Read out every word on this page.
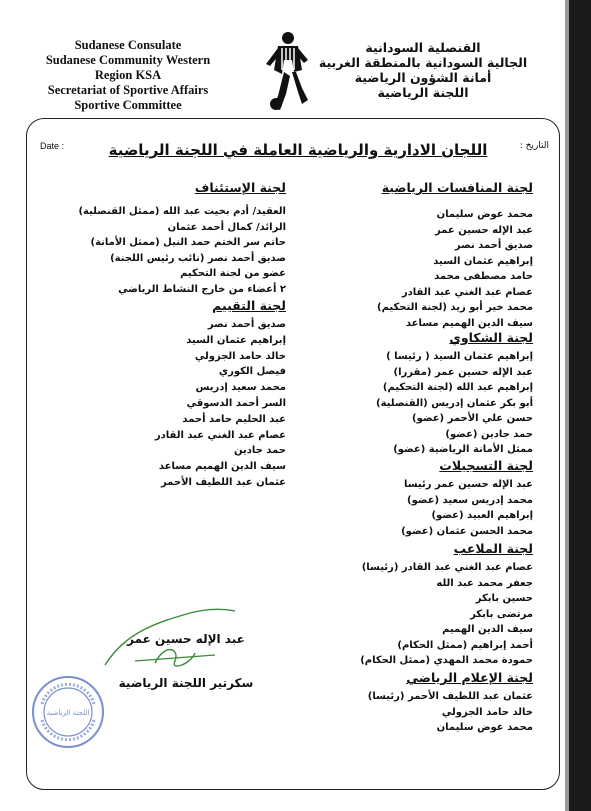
Sudanese Consulate
Sudanese Community Western
Region KSA
Secretariat of Sportive Affairs
Sportive Committee
القنصلية السودانية
الجالية السودانية بالمنطقة الغربية
أمانة الشؤون الرياضية
اللجنة الرياضية
Date :	التاريخ :
اللجان الادارية والرياضية العاملة في اللجنة الرياضية
لجنة المنافسات الرياضية
محمد عوض سليمان
عبد الإله حسين عمر
صديق أحمد نصر
إبراهيم عثمان السيد
حامد مصطفى محمد
عصام عبد الغني عبد القادر
محمد خير أبو زيد (لجنة التحكيم)
سيف الدين الهميم مساعد
لجنة الشكاوي
إبراهيم عثمان السيد ( رئيسا )
عبد الإله حسين عمر (مقررا)
إبراهيم عبد الله (لجنة التحكيم)
أبو بكر عثمان إدريس (القنصلية)
حسن علي الأحمر (عضو)
حمد جادين (عضو)
ممثل الأمانة الرياضية (عضو)
لجنة التسجيلات
عبد الإله حسين عمر رئيسا
محمد إدريس سعيد (عضو)
إبراهيم العبيد (عضو)
محمد الحسن عثمان (عضو)
لجنة الملاعب
عصام عبد الغني عبد القادر (رئيسا)
جعفر محمد عبد الله
حسين بابكر
مرتضى بابكر
سيف الدين الهميم
أحمد إبراهيم (ممثل الحكام)
حمودة محمد المهدي (ممثل الحكام)
لجنة الإعلام الرياضي
عثمان عبد اللطيف الأحمر (رئيسا)
خالد حامد الجزولي
محمد عوض سليمان
لجنة الإستئناف
العقيد/ أدم بخيت عبد الله (ممثل القنصلية)
الرائد/ كمال أحمد عثمان
حاتم سر الختم حمد النيل (ممثل الأمانة)
صديق أحمد نصر (نائب رئيس اللجنة)
عضو من لجنة التحكيم
٢ أعضاء من خارج النشاط الرياضي
لجنة التقييم
صديق أحمد نصر
إبراهيم عثمان السيد
خالد حامد الجزولي
فيصل الكوري
محمد سعيد إدريس
السر أحمد الدسوقي
عبد الحليم حامد أحمد
عصام عبد الغني عبد القادر
حمد جادين
سيف الدين الهميم مساعد
عثمان عبد اللطيف الأحمر
عبد الإله حسين عمر
سكرتير اللجنة الرياضية
اللجنة الرياضية
